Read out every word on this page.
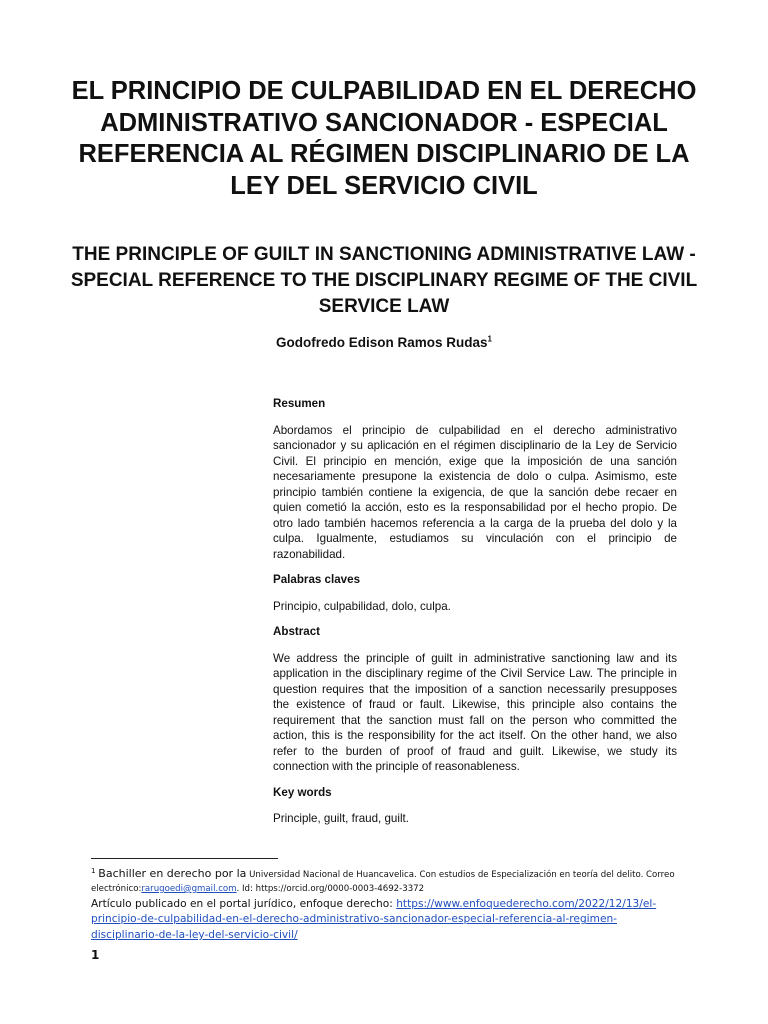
EL PRINCIPIO DE CULPABILIDAD EN EL DERECHO ADMINISTRATIVO SANCIONADOR - ESPECIAL REFERENCIA AL RÉGIMEN DISCIPLINARIO DE LA LEY DEL SERVICIO CIVIL
THE PRINCIPLE OF GUILT IN SANCTIONING ADMINISTRATIVE LAW - SPECIAL REFERENCE TO THE DISCIPLINARY REGIME OF THE CIVIL SERVICE LAW
Godofredo Edison Ramos Rudas$^1$
Resumen

Abordamos el principio de culpabilidad en el derecho administrativo sancionador y su aplicación en el régimen disciplinario de la Ley de Servicio Civil. El principio en mención, exige que la imposición de una sanción necesariamente presupone la existencia de dolo o culpa. Asimismo, este principio también contiene la exigencia, de que la sanción debe recaer en quien cometió la acción, esto es la responsabilidad por el hecho propio. De otro lado también hacemos referencia a la carga de la prueba del dolo y la culpa. Igualmente, estudiamos su vinculación con el principio de razonabilidad.

Palabras claves

Principio, culpabilidad, dolo, culpa.

Abstract

We address the principle of guilt in administrative sanctioning law and its application in the disciplinary regime of the Civil Service Law. The principle in question requires that the imposition of a sanction necessarily presupposes the existence of fraud or fault. Likewise, this principle also contains the requirement that the sanction must fall on the person who committed the action, this is the responsibility for the act itself. On the other hand, we also refer to the burden of proof of fraud and guilt. Likewise, we study its connection with the principle of reasonableness.

Key words

Principle, guilt, fraud, guilt.

$^1$ Bachiller en derecho por la Universidad Nacional de Huancavelica. Con estudios de Especialización en teoría del delito. Correo
electrónico:rarugoedi@gmail.com. Id: https://orcid.org/0000-0003-4692-3372
Artículo publicado en el portal jurídico, enfoque derecho: https://www.enfoquederecho.com/2022/12/13/el-principio-de-culpabilidad-en-el-derecho-administrativo-sancionador-especial-referencia-al-regimen-disciplinario-de-la-ley-del-servicio-civil/
1
